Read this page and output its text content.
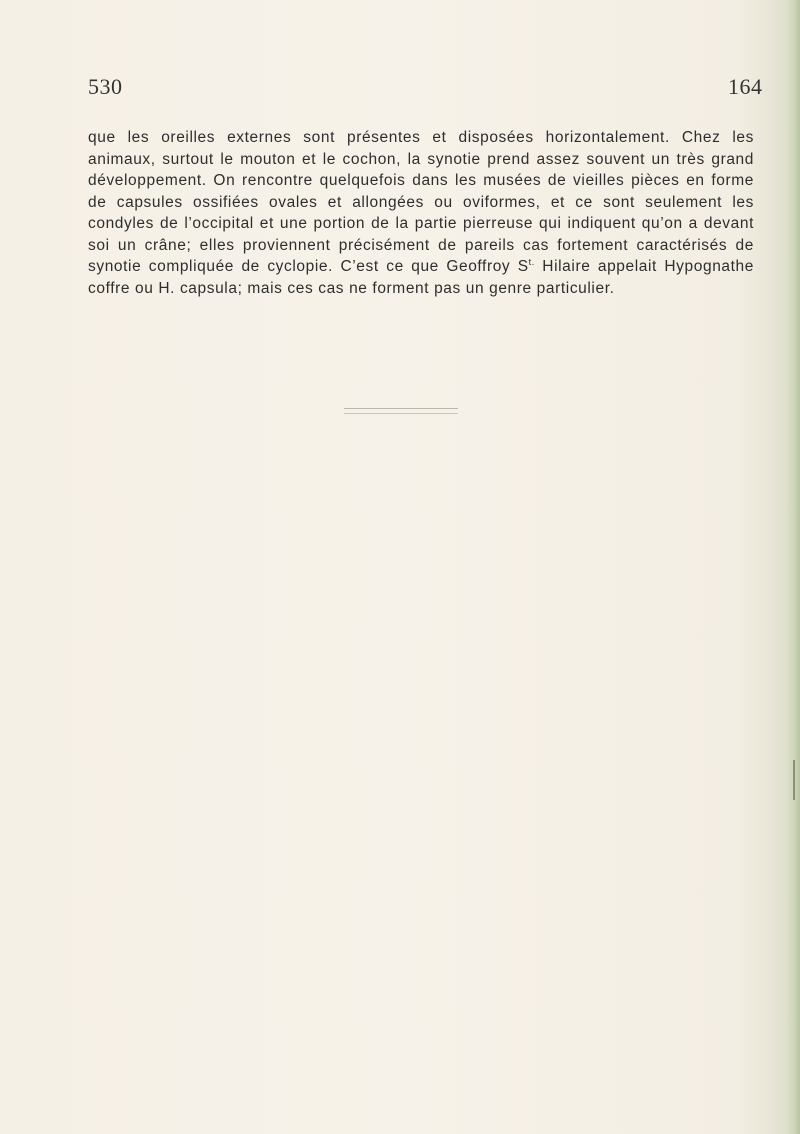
530	164

que les oreilles externes sont présentes et disposées horizontalement. Chez les animaux, surtout le mouton et le cochon, la synotie prend assez souvent un très grand développement. On rencontre quelquefois dans les musées de vieilles pièces en forme de capsules ossifiées ovales et allongées ou oviformes, et ce sont seulement les condyles de l’occipital et une portion de la partie pierreuse qui indiquent qu’on a devant soi un crâne; elles proviennent précisément de pareils cas fortement caractérisés de synotie compliquée de cyclopie. C’est ce que Geoffroy $S^{t.}$ Hilaire appelait Hypognathe coffre ou H. capsula; mais ces cas ne forment pas un genre particulier.
